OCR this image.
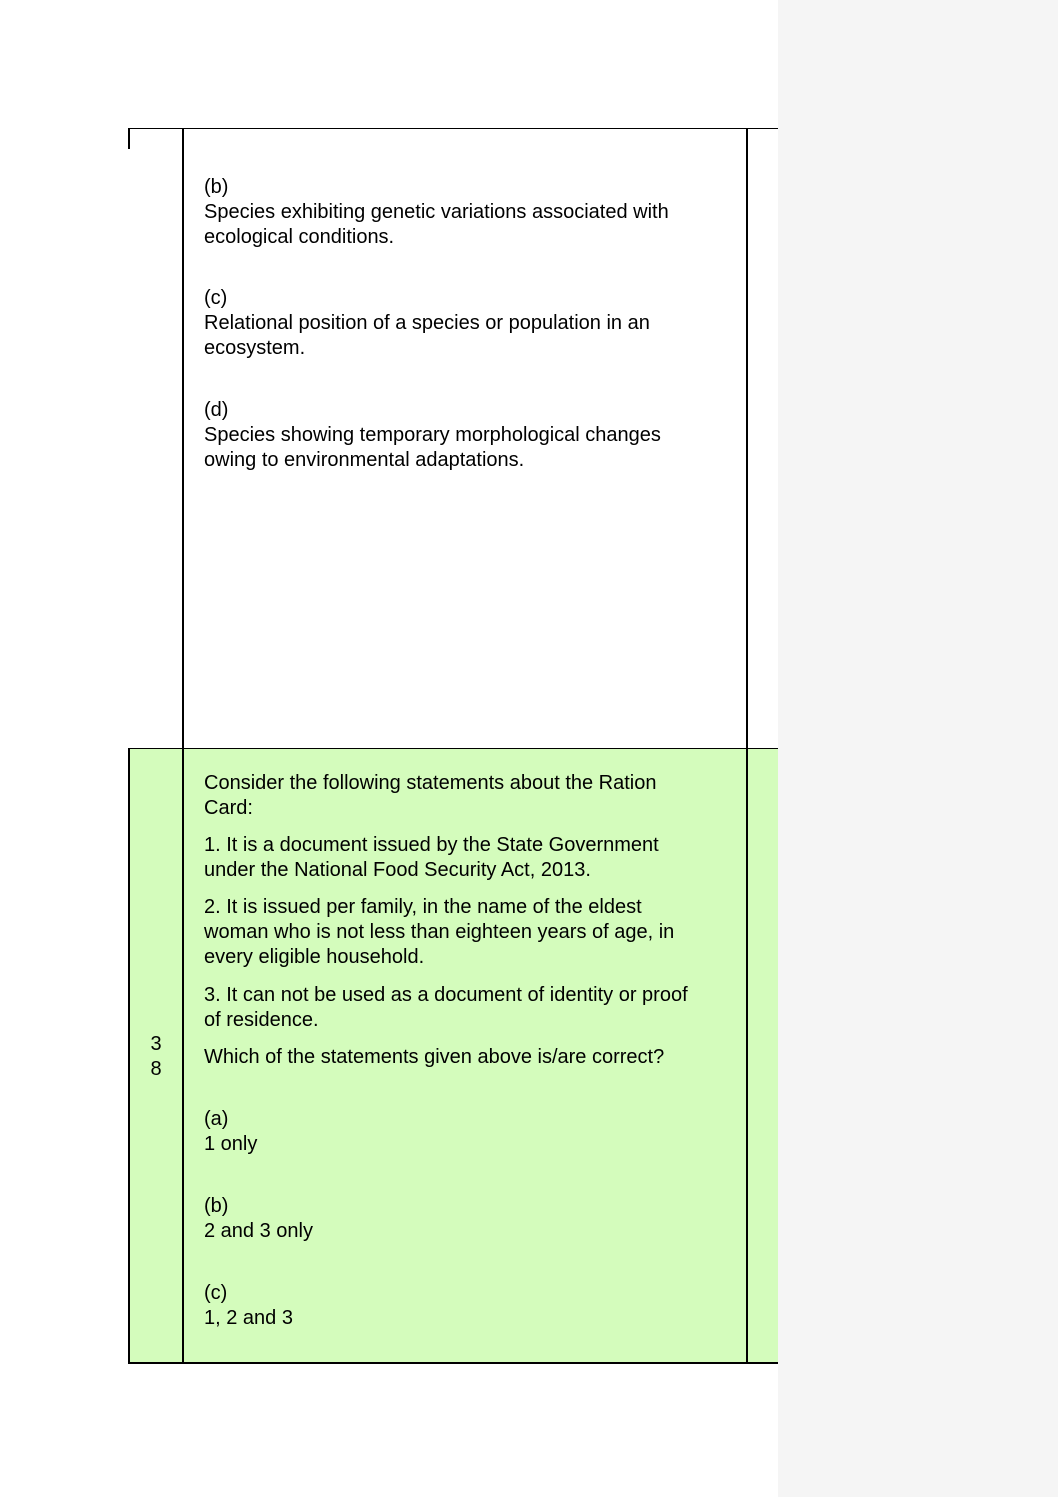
(b)
Species exhibiting genetic variations associated with
ecological conditions.
(c)
Relational position of a species or population in an
ecosystem.
(d)
Species showing temporary morphological changes
owing to environmental adaptations.
3
8
Consider the following statements about the Ration
Card:
1. It is a document issued by the State Government
under the National Food Security Act, 2013.
2. It is issued per family, in the name of the eldest
woman who is not less than eighteen years of age, in
every eligible household.
3. It can not be used as a document of identity or proof
of residence.
Which of the statements given above is/are correct?
(a)
1 only
(b)
2 and 3 only
(c)
1, 2 and 3
